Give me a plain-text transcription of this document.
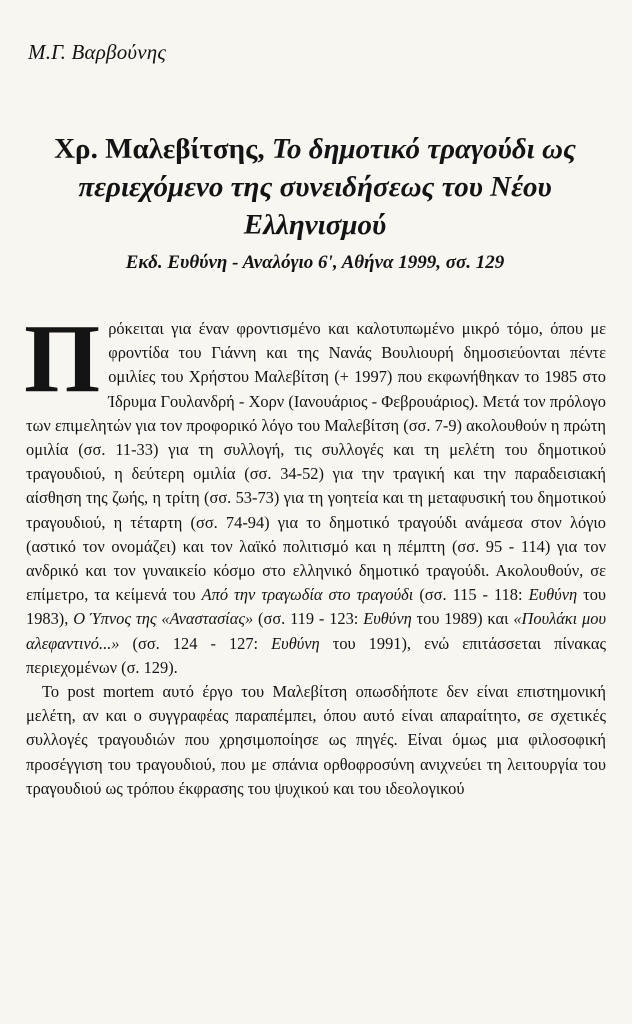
Μ.Γ. Βαρβούνης
Χρ. Μαλεβίτσης, Το δημοτικό τραγούδι ως περιεχόμενο της συνειδήσεως του Νέου Ελληνισμού
Εκδ. Ευθύνη - Αναλόγιο 6', Αθήνα 1999, σσ. 129

Πρόκειται για έναν φροντισμένο και καλοτυπωμένο μικρό τόμο, όπου με φροντίδα του Γιάννη και της Νανάς Βουλιουρή δημοσιεύονται πέντε ομιλίες του Χρήστου Μαλεβίτση (+ 1997) που εκφωνήθηκαν το 1985 στο Ίδρυμα Γουλανδρή - Χορν (Ιανουάριος - Φεβρουάριος). Μετά τον πρόλογο των επιμελητών για τον προφορικό λόγο του Μαλεβίτση (σσ. 7-9) ακολουθούν η πρώτη ομιλία (σσ. 11-33) για τη συλλογή, τις συλλογές και τη μελέτη του δημοτικού τραγουδιού, η δεύτερη ομιλία (σσ. 34-52) για την τραγική και την παραδεισιακή αίσθηση της ζωής, η τρίτη (σσ. 53-73) για τη γοητεία και τη μεταφυσική του δημοτικού τραγουδιού, η τέταρτη (σσ. 74-94) για το δημοτικό τραγούδι ανάμεσα στον λόγιο (αστικό τον ονομάζει) και τον λαϊκό πολιτισμό και η πέμπτη (σσ. 95 - 114) για τον ανδρικό και τον γυναικείο κόσμο στο ελληνικό δημοτικό τραγούδι. Ακολουθούν, σε επίμετρο, τα κείμενά του Από την τραγωδία στο τραγούδι (σσ. 115 - 118: Ευθύνη του 1983), Ο Ύπνος της «Αναστασίας» (σσ. 119 - 123: Ευθύνη του 1989) και «Πουλάκι μου αλεφαντινό...» (σσ. 124 - 127: Ευθύνη του 1991), ενώ επιτάσσεται πίνακας περιεχομένων (σ. 129).

Το post mortem αυτό έργο του Μαλεβίτση οπωσδήποτε δεν είναι επιστημονική μελέτη, αν και ο συγγραφέας παραπέμπει, όπου αυτό είναι απαραίτητο, σε σχετικές συλλογές τραγουδιών που χρησιμοποίησε ως πηγές. Είναι όμως μια φιλοσοφική προσέγγιση του τραγουδιού, που με σπάνια ορθοφροσύνη ανιχνεύει τη λειτουργία του τραγουδιού ως τρόπου έκφρασης του ψυχικού και του ιδεολογικού
